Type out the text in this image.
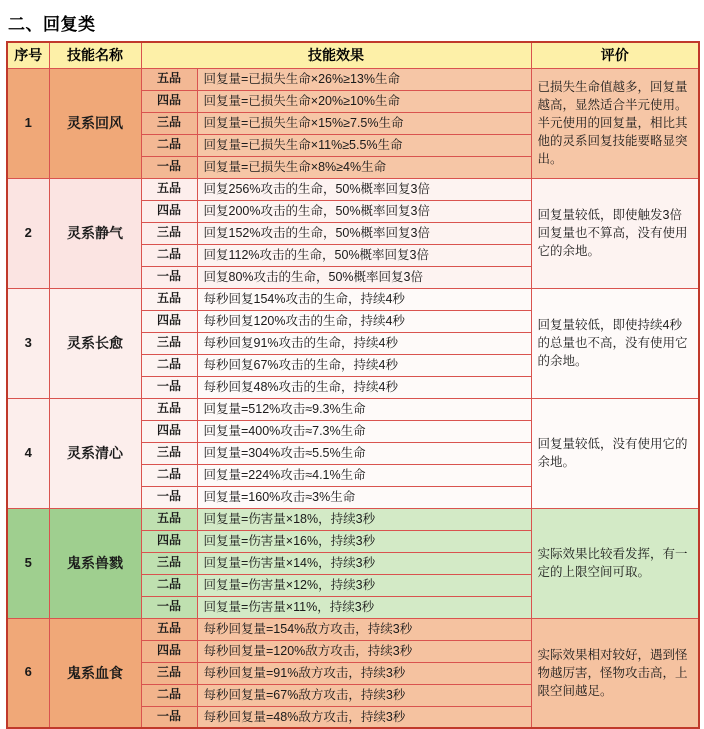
二、回复类
序号	技能名称	技能效果		评价
1	灵系回风	五品	回复量=已损失生命×26%≥13%生命	已损失生命值越多，回复量越高，显然适合半元使用。半元使用的回复量，相比其他的灵系回复技能要略显突出。
		四品	回复量=已损失生命×20%≥10%生命	
		三品	回复量=已损失生命×15%≥7.5%生命	
		二品	回复量=已损失生命×11%≥5.5%生命	
		一品	回复量=已损失生命×8%≥4%生命	
2	灵系静气	五品	回复256%攻击的生命，50%概率回复3倍	回复量较低，即使触发3倍回复量也不算高，没有使用它的余地。
		四品	回复200%攻击的生命，50%概率回复3倍	
		三品	回复152%攻击的生命，50%概率回复3倍	
		二品	回复112%攻击的生命，50%概率回复3倍	
		一品	回复80%攻击的生命，50%概率回复3倍	
3	灵系长愈	五品	每秒回复154%攻击的生命，持续4秒	回复量较低，即使持续4秒的总量也不高，没有使用它的余地。
		四品	每秒回复120%攻击的生命，持续4秒	
		三品	每秒回复91%攻击的生命，持续4秒	
		二品	每秒回复67%攻击的生命，持续4秒	
		一品	每秒回复48%攻击的生命，持续4秒	
4	灵系清心	五品	回复量=512%攻击≈9.3%生命	回复量较低，没有使用它的余地。
		四品	回复量=400%攻击≈7.3%生命	
		三品	回复量=304%攻击≈5.5%生命	
		二品	回复量=224%攻击≈4.1%生命	
		一品	回复量=160%攻击≈3%生命	
5	鬼系兽戮	五品	回复量=伤害量×18%，持续3秒	实际效果比较看发挥，有一定的上限空间可取。
		四品	回复量=伤害量×16%，持续3秒	
		三品	回复量=伤害量×14%，持续3秒	
		二品	回复量=伤害量×12%，持续3秒	
		一品	回复量=伤害量×11%，持续3秒	
6	鬼系血食	五品	每秒回复量=154%敌方攻击，持续3秒	实际效果相对较好，遇到怪物越厉害，怪物攻击高，上限空间越足。
		四品	每秒回复量=120%敌方攻击，持续3秒	
		三品	每秒回复量=91%敌方攻击，持续3秒	
		二品	每秒回复量=67%敌方攻击，持续3秒	
		一品	每秒回复量=48%敌方攻击，持续3秒	
